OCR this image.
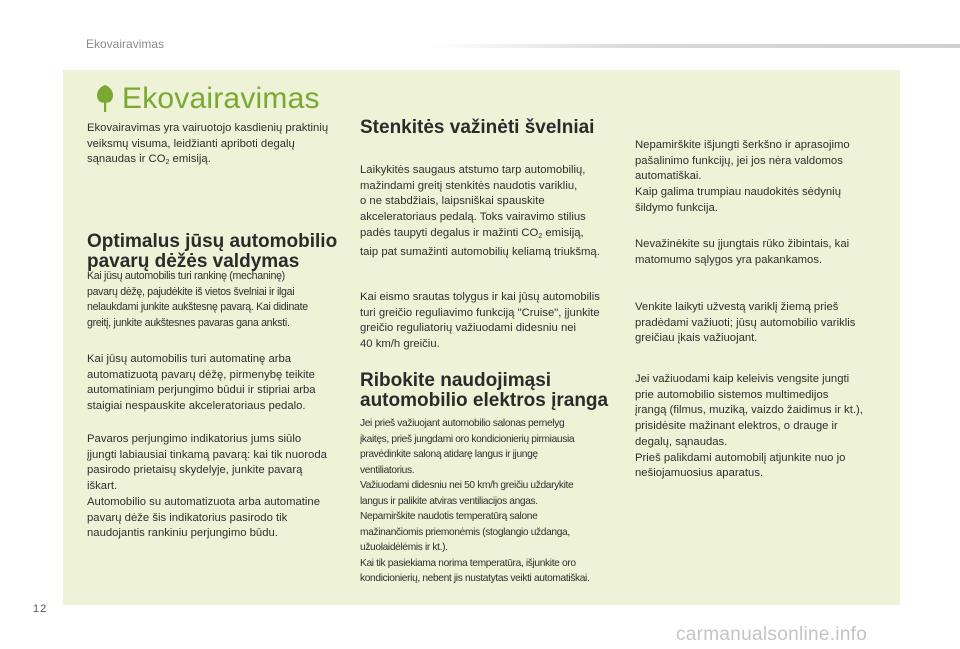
Ekovairavimas
Ekovairavimas

Ekovairavimas yra vairuotojo kasdienių praktinių

veiksmų visuma, leidžianti apriboti degalų

sąnaudas ir $CO_2$ emisiją.

Optimalus jūsų automobilio
pavarų dėžės valdymas

Kai jūsų automobilis turi rankinę (mechaninę)

pavarų dėžę, pajudėkite iš vietos švelniai ir ilgai

nelaukdami junkite aukštesnę pavarą. Kai didinate

greitį, junkite aukštesnes pavaras gana anksti.

Kai jūsų automobilis turi automatinę arba

automatizuotą pavarų dėžę, pirmenybę teikite

automatiniam perjungimo būdui ir stipriai arba

staigiai nespauskite akceleratoriaus pedalo.

Pavaros perjungimo indikatorius jums siūlo

įjungti labiausiai tinkamą pavarą: kai tik nuoroda

pasirodo prietaisų skydelyje, junkite pavarą

iškart.

Automobilio su automatizuota arba automatine

pavarų dėže šis indikatorius pasirodo tik

naudojantis rankiniu perjungimo būdu.

Stenkitės važinėti švelniai

Laikykitės saugaus atstumo tarp automobilių,

mažindami greitį stenkitės naudotis varikliu,

o ne stabdžiais, laipsniškai spauskite

akceleratoriaus pedalą. Toks vairavimo stilius

padės taupyti degalus ir mažinti $CO_2$ emisiją,

taip pat sumažinti automobilių keliamą triukšmą.

Kai eismo srautas tolygus ir kai jūsų automobilis

turi greičio reguliavimo funkciją "Cruise", įjunkite

greičio reguliatorių važiuodami didesniu nei

40 km/h greičiu.

Ribokite naudojimąsi
automobilio elektros įranga

Jei prieš važiuojant automobilio salonas pernelyg

įkaitęs, prieš jungdami oro kondicionierių pirmiausia

pravėdinkite saloną atidarę langus ir įjungę

ventiliatorius.

Važiuodami didesniu nei 50 km/h greičiu uždarykite

langus ir palikite atviras ventiliacijos angas.

Nepamirškite naudotis temperatūrą salone

mažinančiomis priemonėmis (stoglangio uždanga,

užuolaidėlėmis ir kt.).

Kai tik pasiekiama norima temperatūra, išjunkite oro

kondicionierių, nebent jis nustatytas veikti automatiškai.

Nepamirškite išjungti šerkšno ir aprasojimo

pašalinimo funkcijų, jei jos nėra valdomos

automatiškai.

Kaip galima trumpiau naudokitės sėdynių

šildymo funkcija.

Nevažinėkite su įjungtais rūko žibintais, kai

matomumo sąlygos yra pakankamos.

Venkite laikyti užvestą variklį žiemą prieš

pradėdami važiuoti; jūsų automobilio variklis

greičiau įkais važiuojant.

Jei važiuodami kaip keleivis vengsite jungti

prie automobilio sistemos multimedijos

įrangą (filmus, muziką, vaizdo žaidimus ir kt.),

prisidėsite mažinant elektros, o drauge ir

degalų, sąnaudas.

Prieš palikdami automobilį atjunkite nuo jo

nešiojamuosius aparatus.

12
carmanualsonline.info
